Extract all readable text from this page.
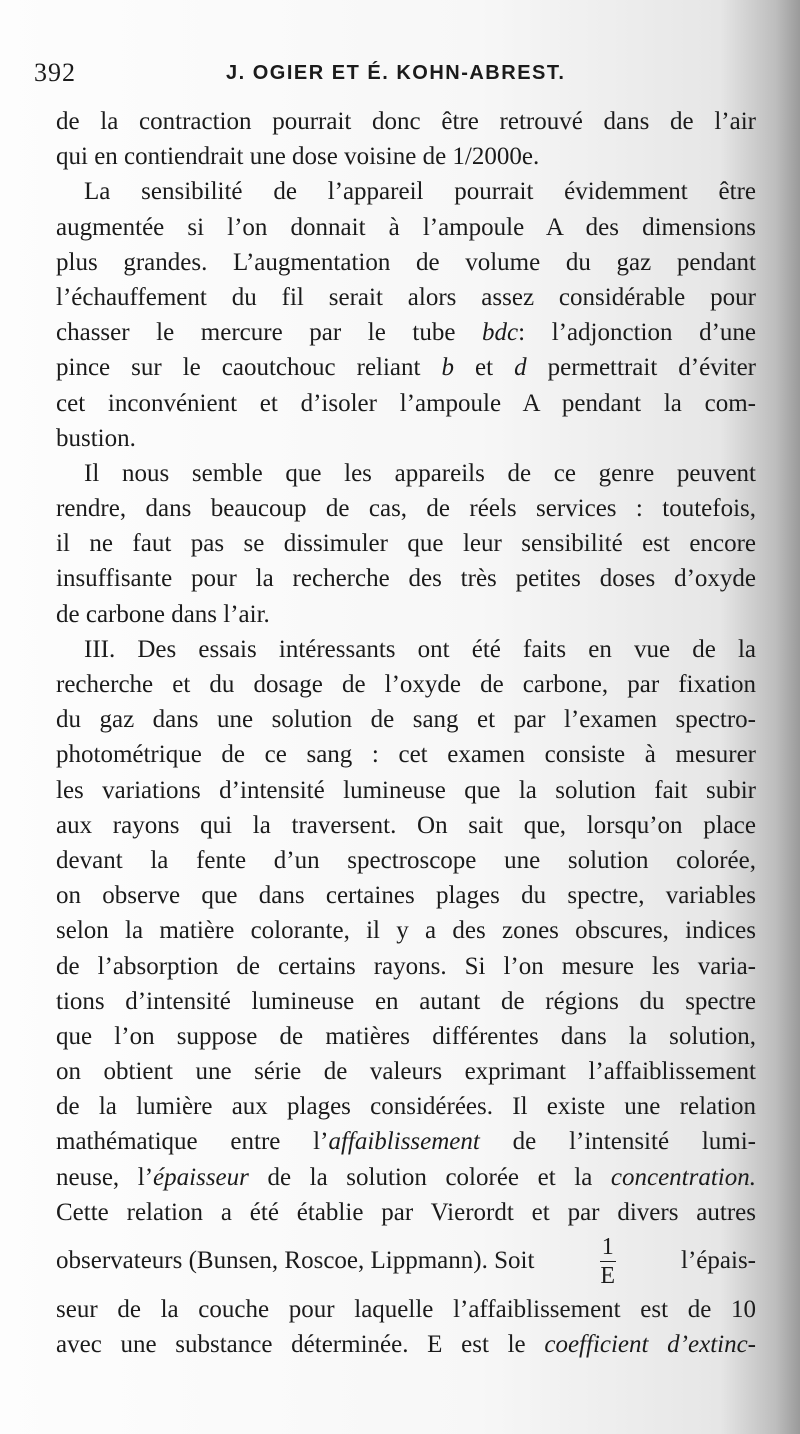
392	J. OGIER ET É. KOHN-ABREST.
de la contraction pourrait donc être retrouvé dans de l’air
qui en contiendrait une dose voisine de 1/2000e.
La sensibilité de l’appareil pourrait évidemment être
augmentée si l’on donnait à l’ampoule A des dimensions
plus grandes. L’augmentation de volume du gaz pendant
l’échauffement du fil serait alors assez considérable pour
chasser le mercure par le tube bdc: l’adjonction d’une
pince sur le caoutchouc reliant b et d permettrait d’éviter
cet inconvénient et d’isoler l’ampoule A pendant la com-
bustion.
Il nous semble que les appareils de ce genre peuvent
rendre, dans beaucoup de cas, de réels services : toutefois,
il ne faut pas se dissimuler que leur sensibilité est encore
insuffisante pour la recherche des très petites doses d’oxyde
de carbone dans l’air.
III. Des essais intéressants ont été faits en vue de la
recherche et du dosage de l’oxyde de carbone, par fixation
du gaz dans une solution de sang et par l’examen spectro-
photométrique de ce sang : cet examen consiste à mesurer
les variations d’intensité lumineuse que la solution fait subir
aux rayons qui la traversent. On sait que, lorsqu’on place
devant la fente d’un spectroscope une solution colorée,
on observe que dans certaines plages du spectre, variables
selon la matière colorante, il y a des zones obscures, indices
de l’absorption de certains rayons. Si l’on mesure les varia-
tions d’intensité lumineuse en autant de régions du spectre
que l’on suppose de matières différentes dans la solution,
on obtient une série de valeurs exprimant l’affaiblissement
de la lumière aux plages considérées. Il existe une relation
mathématique entre l’affaiblissement de l’intensité lumi-
neuse, l’épaisseur de la solution colorée et la concentration.
Cette relation a été établie par Vierordt et par divers autres
observateurs (Bunsen, Roscoe, Lippmann). Soit	$\frac{1}{E}$	l’épais-
seur de la couche pour laquelle l’affaiblissement est de 10
avec une substance déterminée. E est le coefficient d’extinc-
